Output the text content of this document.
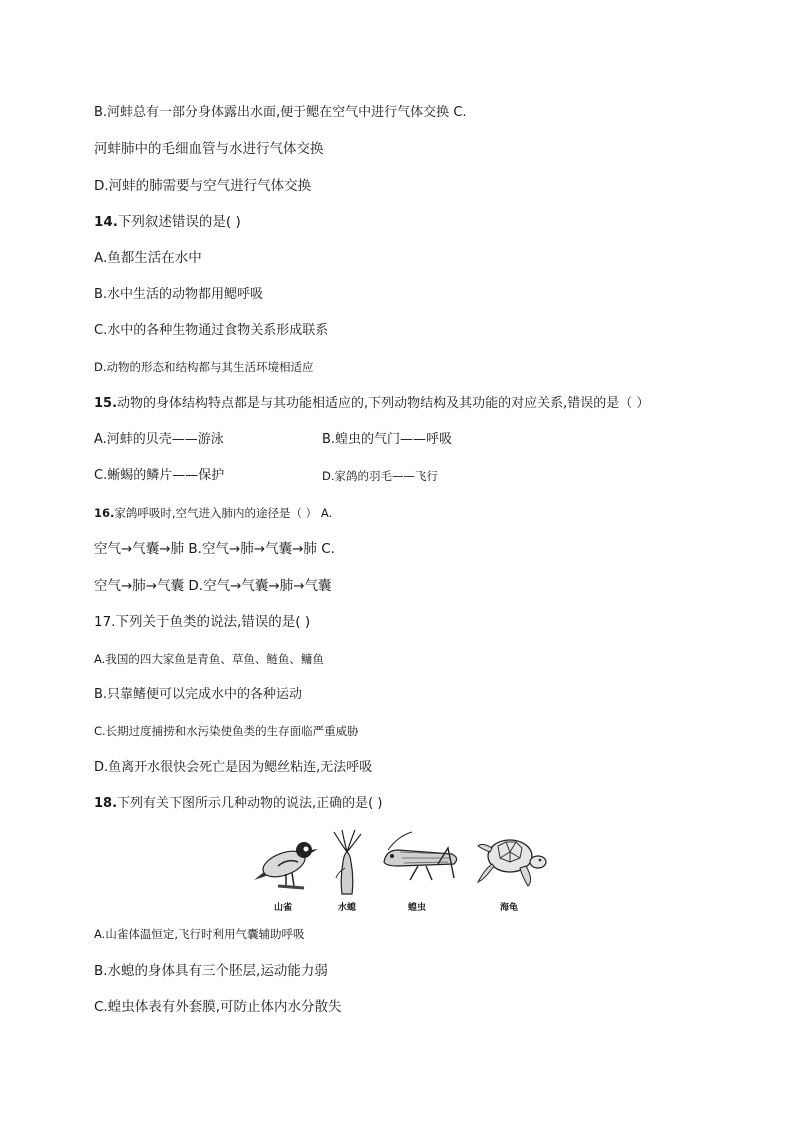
B.河蚌总有一部分身体露出水面,便于鳃在空气中进行气体交换 C.
河蚌肺中的毛细血管与水进行气体交换
D.河蚌的肺需要与空气进行气体交换
14.下列叙述错误的是( )
A.鱼都生活在水中
B.水中生活的动物都用鳃呼吸
C.水中的各种生物通过食物关系形成联系
D.动物的形态和结构都与其生活环境相适应
15.动物的身体结构特点都是与其功能相适应的,下列动物结构及其功能的对应关系,错误的是（ ）
A.河蚌的贝壳——游泳	B.蝗虫的气门——呼吸
C.蜥蜴的鳞片——保护	D.家鸽的羽毛——飞行
16.家鸽呼吸时,空气进入肺内的途径是（ ） A.
空气→气囊→肺 B.空气→肺→气囊→肺 C.
空气→肺→气囊 D.空气→气囊→肺→气囊
17.下列关于鱼类的说法,错误的是( )
A.我国的四大家鱼是青鱼、草鱼、鲢鱼、鳙鱼
B.只靠鳍便可以完成水中的各种运动
C.长期过度捕捞和水污染使鱼类的生存面临严重威胁
D.鱼离开水很快会死亡是因为鳃丝粘连,无法呼吸
18.下列有关下图所示几种动物的说法,正确的是( )
山雀	水螅	蝗虫	海龟
A.山雀体温恒定,飞行时利用气囊辅助呼吸
B.水螅的身体具有三个胚层,运动能力弱
C.蝗虫体表有外套膜,可防止体内水分散失
